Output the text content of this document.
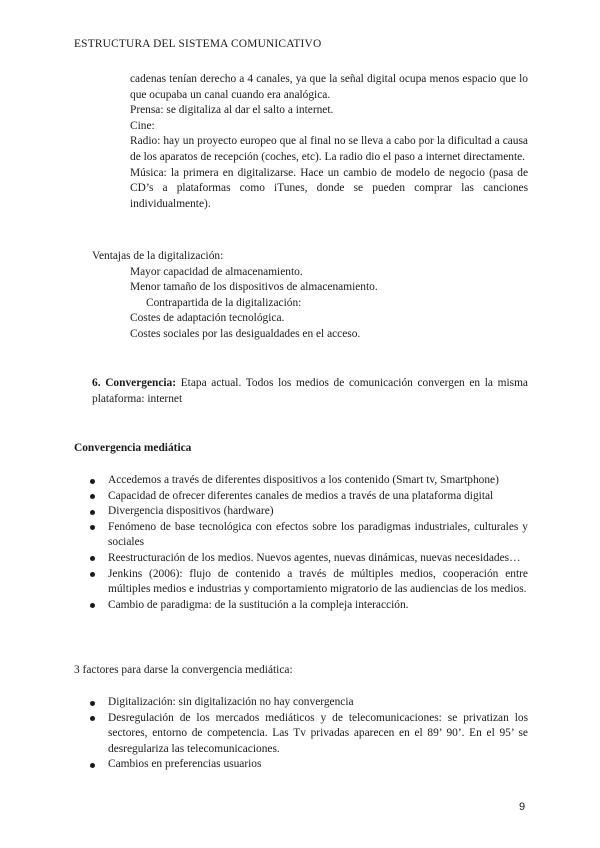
ESTRUCTURA DEL SISTEMA COMUNICATIVO

cadenas tenían derecho a 4 canales, ya que la señal digital ocupa menos espacio que lo que ocupaba un canal cuando era analógica.

Prensa: se digitaliza al dar el salto a internet.

Cine:

Radio: hay un proyecto europeo que al final no se lleva a cabo por la dificultad a causa de los aparatos de recepción (coches, etc). La radio dio el paso a internet directamente.

Música: la primera en digitalizarse. Hace un cambio de modelo de negocio (pasa de CD’s a plataformas como iTunes, donde se pueden comprar las canciones individualmente).

Ventajas de la digitalización:
Mayor capacidad de almacenamiento.
Menor tamaño de los dispositivos de almacenamiento.
Contrapartida de la digitalización:
Costes de adaptación tecnológica.
Costes sociales por las desigualdades en el acceso.

6. Convergencia: Etapa actual. Todos los medios de comunicación convergen en la misma plataforma: internet

Convergencia mediática
Accedemos a través de diferentes dispositivos a los contenido (Smart tv, Smartphone)
Capacidad de ofrecer diferentes canales de medios a través de una plataforma digital
Divergencia dispositivos (hardware)
Fenómeno de base tecnológica con efectos sobre los paradigmas industriales, culturales y sociales
Reestructuración de los medios. Nuevos agentes, nuevas dinámicas, nuevas necesidades…
Jenkins (2006): flujo de contenido a través de múltiples medios, cooperación entre múltiples medios e industrias y comportamiento migratorio de las audiencias de los medios.
Cambio de paradigma: de la sustitución a la compleja interacción.
3 factores para darse la convergencia mediática:
Digitalización: sin digitalización no hay convergencia
Desregulación de los mercados mediáticos y de telecomunicaciones: se privatizan los sectores, entorno de competencia. Las Tv privadas aparecen en el 89’ 90’. En el 95’ se desregulariza las telecomunicaciones.
Cambios en preferencias usuarios
9
